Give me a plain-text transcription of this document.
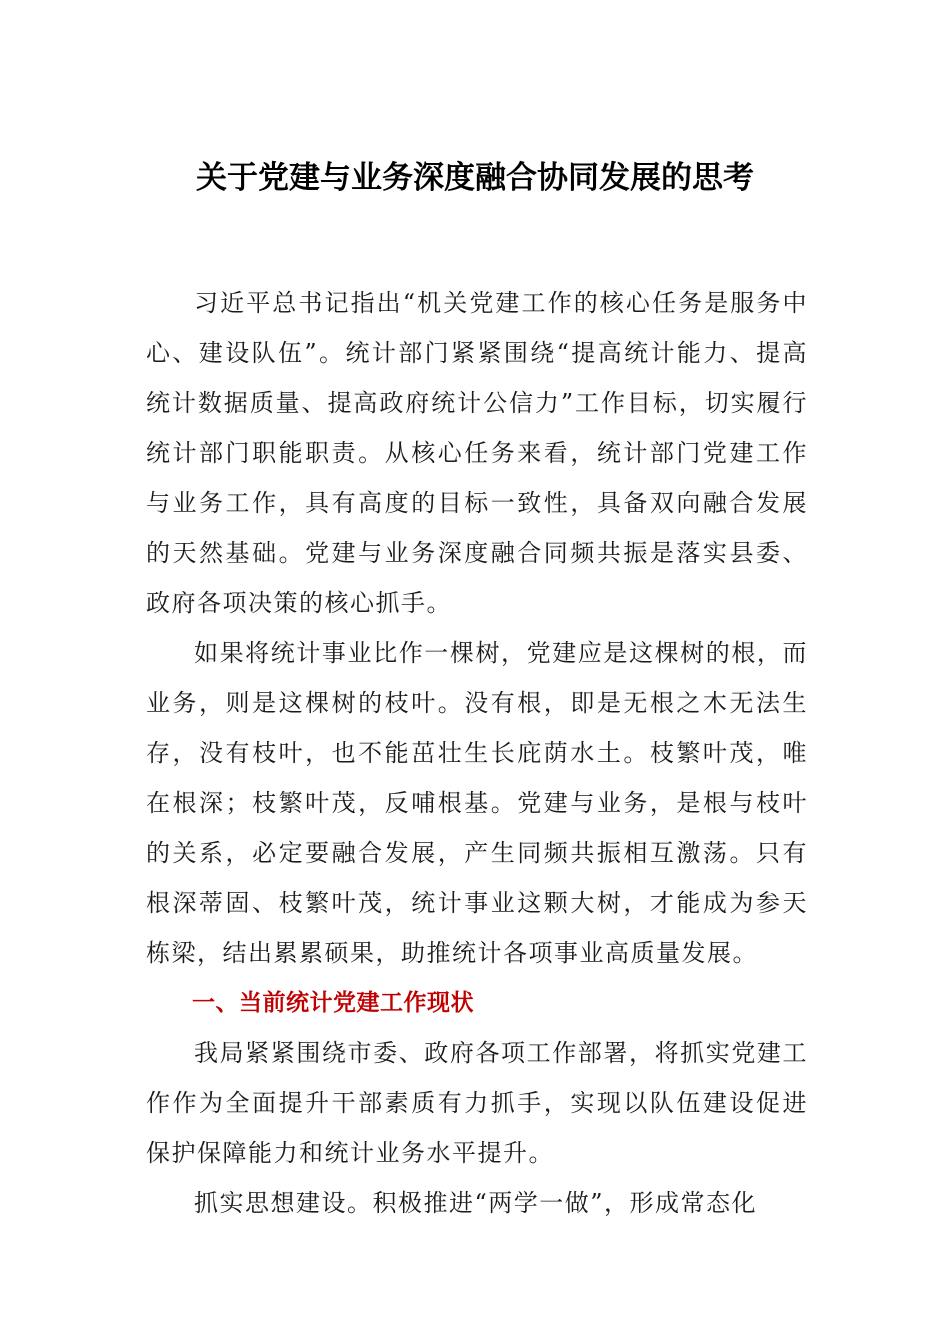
关于党建与业务深度融合协同发展的思考

习近平总书记指出“机关党建工作的核心任务是服务中心、建设队伍”。统计部门紧紧围绕“提高统计能力、提高统计数据质量、提高政府统计公信力”工作目标，切实履行统计部门职能职责。从核心任务来看，统计部门党建工作与业务工作，具有高度的目标一致性，具备双向融合发展的天然基础。党建与业务深度融合同频共振是落实县委、政府各项决策的核心抓手。

如果将统计事业比作一棵树，党建应是这棵树的根，而业务，则是这棵树的枝叶。没有根，即是无根之木无法生存，没有枝叶，也不能茁壮生长庇荫水土。枝繁叶茂，唯在根深；枝繁叶茂，反哺根基。党建与业务，是根与枝叶的关系，必定要融合发展，产生同频共振相互激荡。只有根深蒂固、枝繁叶茂，统计事业这颗大树，才能成为参天栋梁，结出累累硕果，助推统计各项事业高质量发展。

一、当前统计党建工作现状

我局紧紧围绕市委、政府各项工作部署，将抓实党建工作作为全面提升干部素质有力抓手，实现以队伍建设促进保护保障能力和统计业务水平提升。

抓实思想建设。积极推进“两学一做”，形成常态化
